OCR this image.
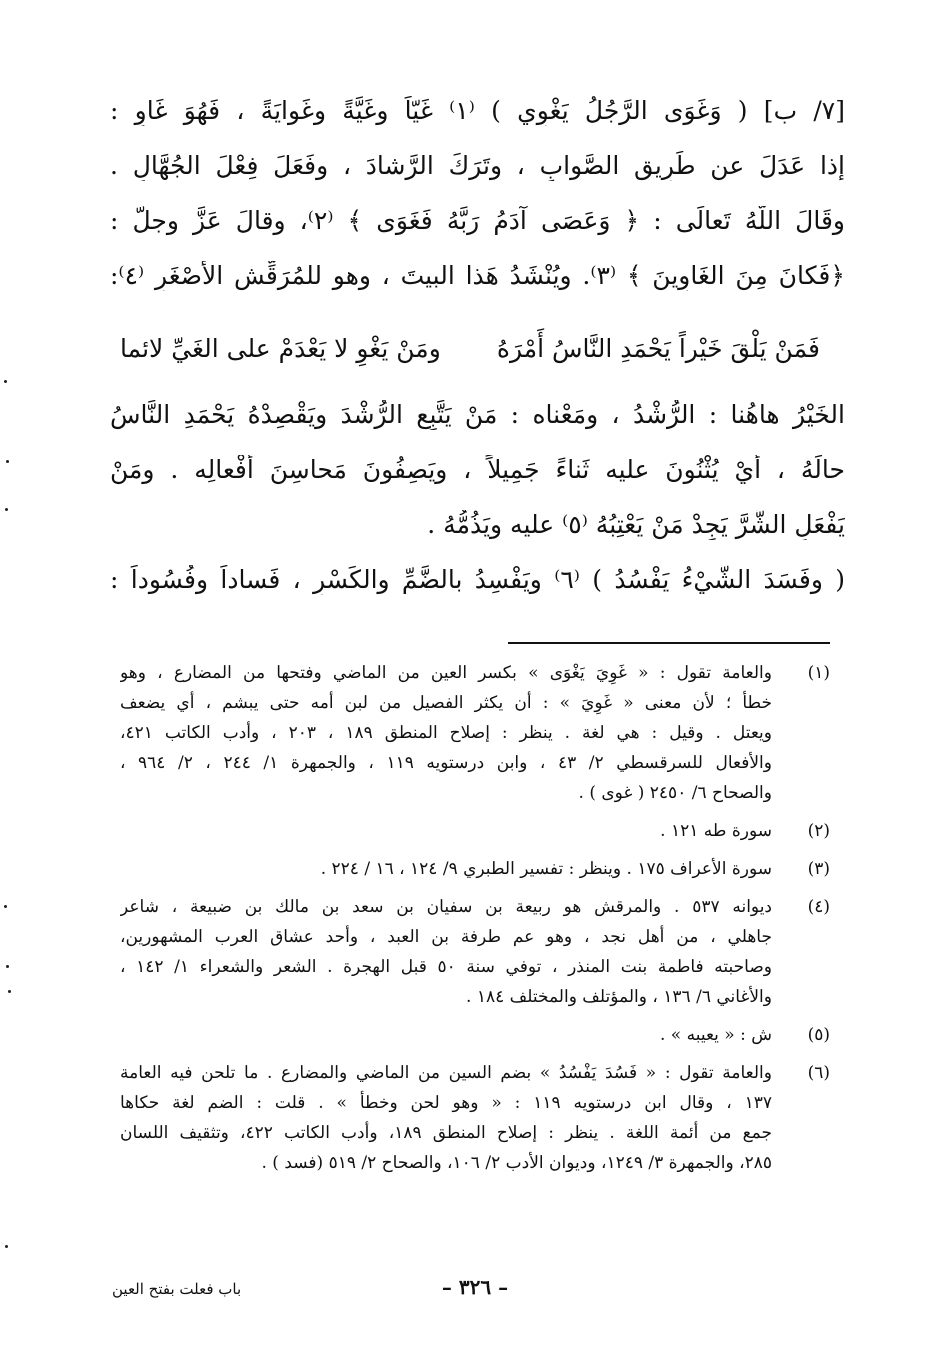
[٧/ ب] ( وَغَوَى الرَّجُلُ يَغْوِي ) ⁽١⁾ غَيّاً وغَيَّةً وغَوايَةً ، فَهُوَ غَاوٍ :
إذا عَدَلَ عن طَرِيقِ الصَّوابِ ، وتَرَكَ الرَّشادَ ، وفَعَلَ فِعْلَ الجُهَّالِ .
وقَالَ اللّهُ تَعالَى : ﴿ وَعَصَى آدَمُ رَبَّهُ فَغَوَى ﴾ ⁽٢⁾، وقالَ عَزَّ وجلَّ :
﴿فَكانَ مِنَ الغَاوِينَ ﴾ ⁽٣⁾. ويُنْشَدُ هَذا البيتَ ، وهو للمُرَقِّشِ الأصْغَرِ ⁽٤⁾:
فَمَنْ يَلْقَ خَيْراً يَحْمَدِ النَّاسُ أَمْرَهُ
ومَنْ يَغْوِ لا يَعْدَمْ على الغَيِّ لائما
الخَيْرُ هاهُنا : الرُّشْدُ ، ومَعْناه : مَنْ يَتَّبِعِ الرُّشْدَ ويَقْصِدْهُ يَحْمَدِ النَّاسُ
حالَهُ ، أيْ يُثْنُونَ عليه ثَناءً جَمِيلاً ، ويَصِفُونَ مَحاسِنَ أفْعالِه . ومَنْ
يَفْعَلِ الشَّرَّ يَجِدْ مَنْ يَعْتِبُهُ ⁽٥⁾ عليه ويَذُمُّهُ .
( وفَسَدَ الشَّيْءُ يَفْسُدُ ) ⁽٦⁾ ويَفْسِدُ بالضَّمِّ والكَسْرِ ، فَساداً وفُسُوداً :
(١)
والعامة تقول : « غَوِيَ يَغْوَى » بكسر العين من الماضي وفتحها من المضارع ، وهو
خطأ ؛ لأن معنى « غَوِيَ » : أن يكثر الفصيل من لبن أمه حتى يبشم ، أي يضعف
ويعتل . وقيل : هي لغة . ينظر : إصلاح المنطق ١٨٩ ، ٢٠٣ ، وأدب الكاتب ٤٢١،
والأفعال للسرقسطي ٢/ ٤٣ ، وابن درستويه ١١٩ ، والجمهرة ١/ ٢٤٤ ، ٢/ ٩٦٤ ،
والصحاح ٦/ ٢٤٥٠ ( غوى ) .
(٢)
سورة طه ١٢١ .
(٣)
سورة الأعراف ١٧٥ . وينظر : تفسير الطبري ٩/ ١٢٤ ، ١٦ / ٢٢٤ .
(٤)
ديوانه ٥٣٧ . والمرقش هو ربيعة بن سفيان بن سعد بن مالك بن ضبيعة ، شاعر
جاهلي ، من أهل نجد ، وهو عم طرفة بن العبد ، وأحد عشاق العرب المشهورين،
وصاحبته فاطمة بنت المنذر ، توفي سنة ٥٠ قبل الهجرة . الشعر والشعراء ١/ ١٤٢ ،
والأغاني ٦/ ١٣٦ ، والمؤتلف والمختلف ١٨٤ .
(٥)
ش : « يعيبه » .
(٦)
والعامة تقول : « فَسُدَ يَفْسُدُ » بضم السين من الماضي والمضارع . ما تلحن فيه العامة
١٣٧ ، وقال ابن درستويه ١١٩ : « وهو لحن وخطأ » . قلت : الضم لغة حكاها
جمع من أئمة اللغة . ينظر : إصلاح المنطق ١٨٩، وأدب الكاتب ٤٢٢، وتثقيف اللسان
٢٨٥، والجمهرة ٣/ ١٢٤٩، وديوان الأدب ٢/ ١٠٦، والصحاح ٢/ ٥١٩ (فسد ) .
– ٣٢٦ –
باب فعلت بفتح العين
